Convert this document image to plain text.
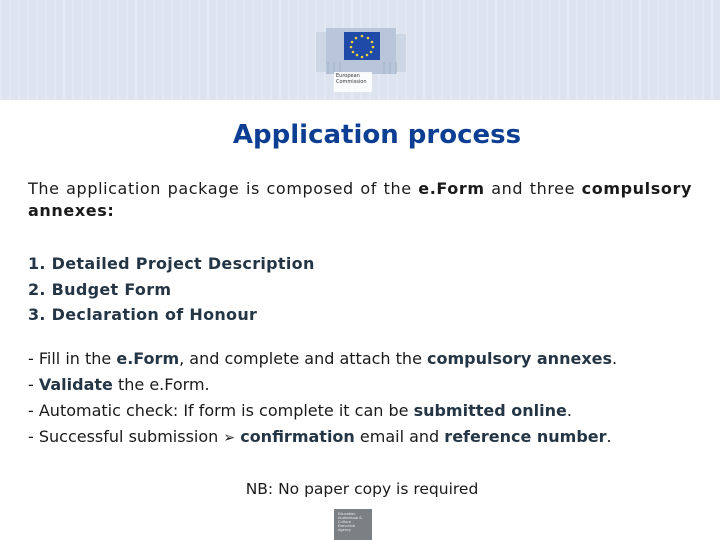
European Commission
Application process
The application package is composed of the e.Form and three compulsory annexes:
1. Detailed Project Description
2. Budget Form
3. Declaration of Honour
- Fill in the e.Form, and complete and attach the compulsory annexes.
- Validate the e.Form.
- Automatic check: If form is complete it can be submitted online.
- Successful submission ➢ confirmation email and reference number.
NB: No paper copy is required
Education Audiovisual & Culture Executive Agency
